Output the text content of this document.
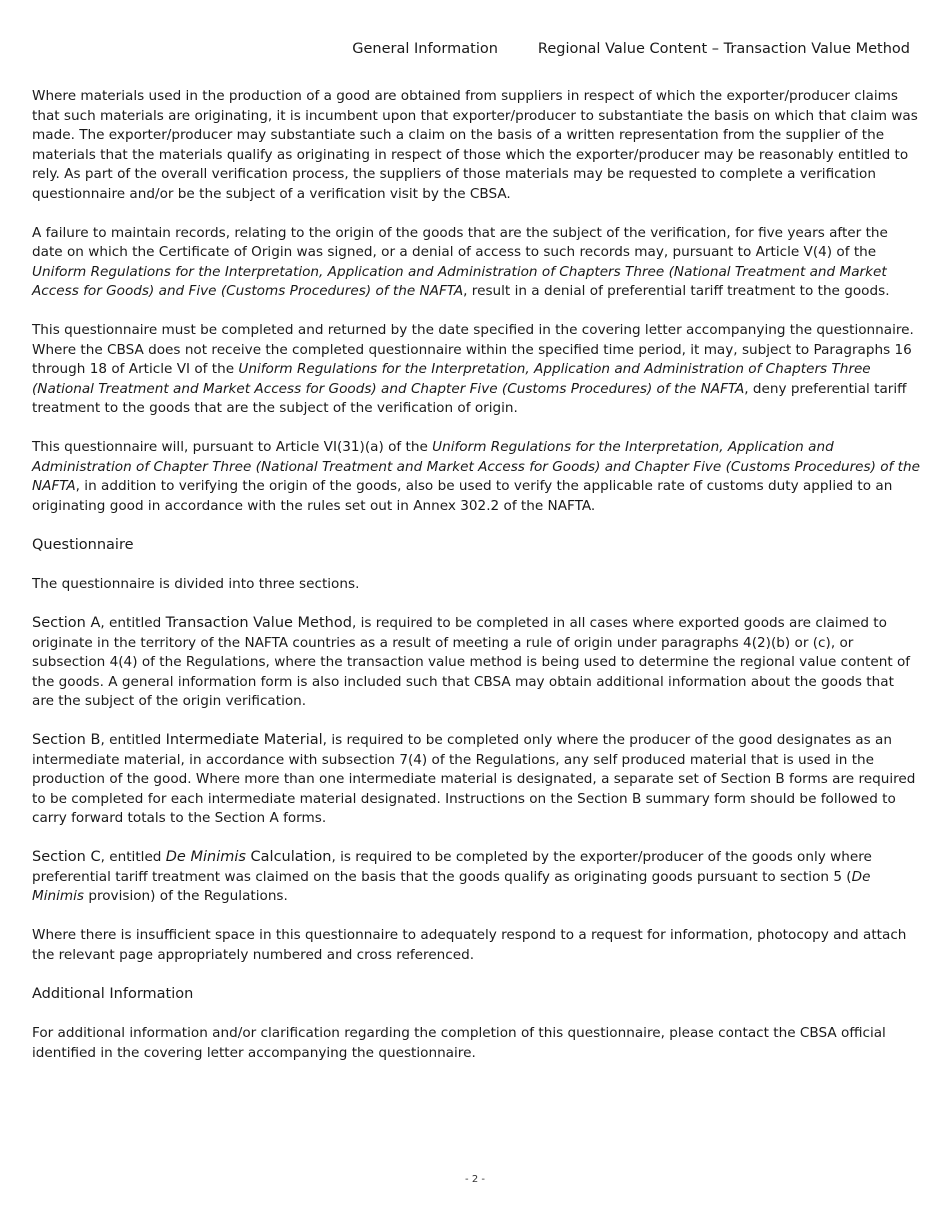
General Information	Regional Value Content – Transaction Value Method

Where materials used in the production of a good are obtained from suppliers in respect of which the exporter/producer claims that such materials are originating, it is incumbent upon that exporter/producer to substantiate the basis on which that claim was made. The exporter/producer may substantiate such a claim on the basis of a written representation from the supplier of the materials that the materials qualify as originating in respect of those which the exporter/producer may be reasonably entitled to rely. As part of the overall verification process, the suppliers of those materials may be requested to complete a verification questionnaire and/or be the subject of a verification visit by the CBSA.

A failure to maintain records, relating to the origin of the goods that are the subject of the verification, for five years after the date on which the Certificate of Origin was signed, or a denial of access to such records may, pursuant to Article V(4) of the Uniform Regulations for the Interpretation, Application and Administration of Chapters Three (National Treatment and Market Access for Goods) and Five (Customs Procedures) of the NAFTA, result in a denial of preferential tariff treatment to the goods.

This questionnaire must be completed and returned by the date specified in the covering letter accompanying the questionnaire. Where the CBSA does not receive the completed questionnaire within the specified time period, it may, subject to Paragraphs 16 through 18 of Article VI of the Uniform Regulations for the Interpretation, Application and Administration of Chapters Three (National Treatment and Market Access for Goods) and Chapter Five (Customs Procedures) of the NAFTA, deny preferential tariff treatment to the goods that are the subject of the verification of origin.

This questionnaire will, pursuant to Article VI(31)(a) of the Uniform Regulations for the Interpretation, Application and Administration of Chapter Three (National Treatment and Market Access for Goods) and Chapter Five (Customs Procedures) of the NAFTA, in addition to verifying the origin of the goods, also be used to verify the applicable rate of customs duty applied to an originating good in accordance with the rules set out in Annex 302.2 of the NAFTA.

Questionnaire

The questionnaire is divided into three sections.

Section A, entitled Transaction Value Method, is required to be completed in all cases where exported goods are claimed to originate in the territory of the NAFTA countries as a result of meeting a rule of origin under paragraphs 4(2)(b) or (c), or subsection 4(4) of the Regulations, where the transaction value method is being used to determine the regional value content of the goods. A general information form is also included such that CBSA may obtain additional information about the goods that are the subject of the origin verification.

Section B, entitled Intermediate Material, is required to be completed only where the producer of the good designates as an intermediate material, in accordance with subsection 7(4) of the Regulations, any self produced material that is used in the production of the good. Where more than one intermediate material is designated, a separate set of Section B forms are required to be completed for each intermediate material designated. Instructions on the Section B summary form should be followed to carry forward totals to the Section A forms.

Section C, entitled De Minimis Calculation, is required to be completed by the exporter/producer of the goods only where preferential tariff treatment was claimed on the basis that the goods qualify as originating goods pursuant to section 5 (De Minimis provision) of the Regulations.

Where there is insufficient space in this questionnaire to adequately respond to a request for information, photocopy and attach the relevant page appropriately numbered and cross referenced.

Additional Information

For additional information and/or clarification regarding the completion of this questionnaire, please contact the CBSA official identified in the covering letter accompanying the questionnaire.

- 2 -
